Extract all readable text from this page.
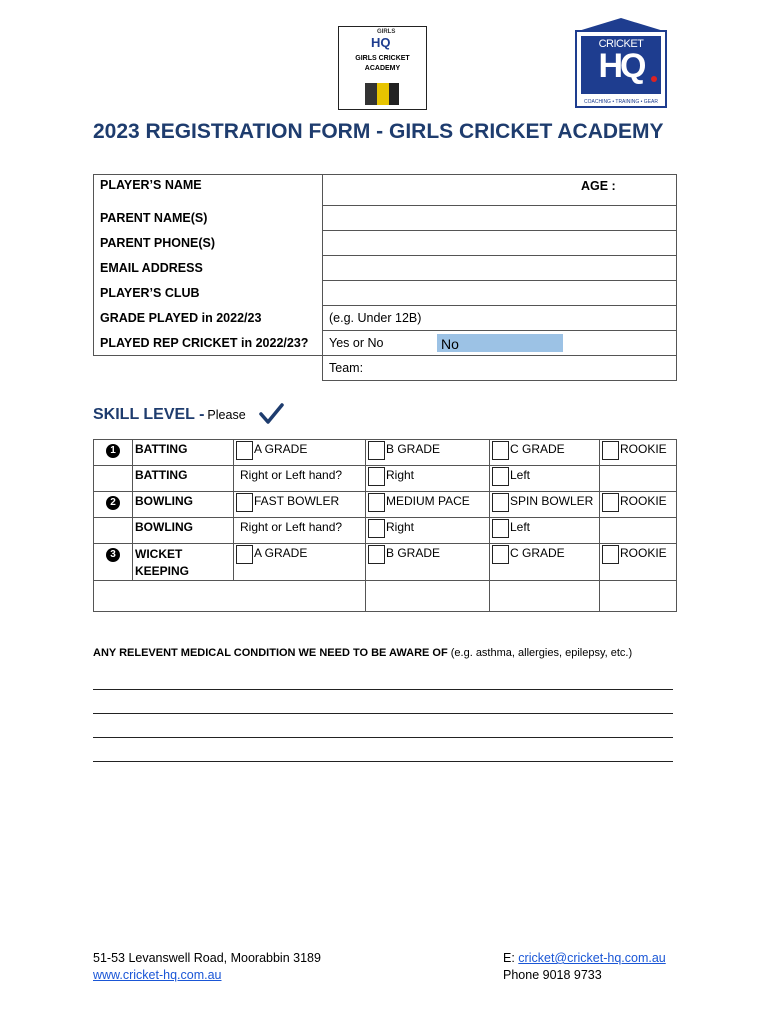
GIRLS
HQ
GIRLS CRICKET
ACADEMY
CRICKET
HQ
COACHING • TRAINING • GEAR
2023 REGISTRATION FORM - GIRLS CRICKET ACADEMY
PLAYER’S NAME	AGE :

PARENT NAME(S)	
PARENT PHONE(S)	
EMAIL ADDRESS	
PLAYER’S CLUB	
GRADE PLAYED in 2022/23	(e.g. Under 12B)
PLAYED REP CRICKET in 2022/23?	Yes or No No

	Team:
SKILL LEVEL - Please
1	BATTING	A GRADE	B GRADE	C GRADE	ROOKIE
	BATTING	Right or Left hand?	Right	Left	
2	BOWLING	FAST BOWLER	MEDIUM PACE	SPIN BOWLER	ROOKIE
	BOWLING	Right or Left hand?	Right	Left	
3	WICKET KEEPING	A GRADE	B GRADE	C GRADE	ROOKIE

ANY RELEVENT MEDICAL CONDITION WE NEED TO BE AWARE OF (e.g. asthma, allergies, epilepsy, etc.)
51-53 Levanswell Road, Moorabbin 3189
www.cricket-hq.com.au
E: cricket@cricket-hq.com.au
Phone 9018 9733
